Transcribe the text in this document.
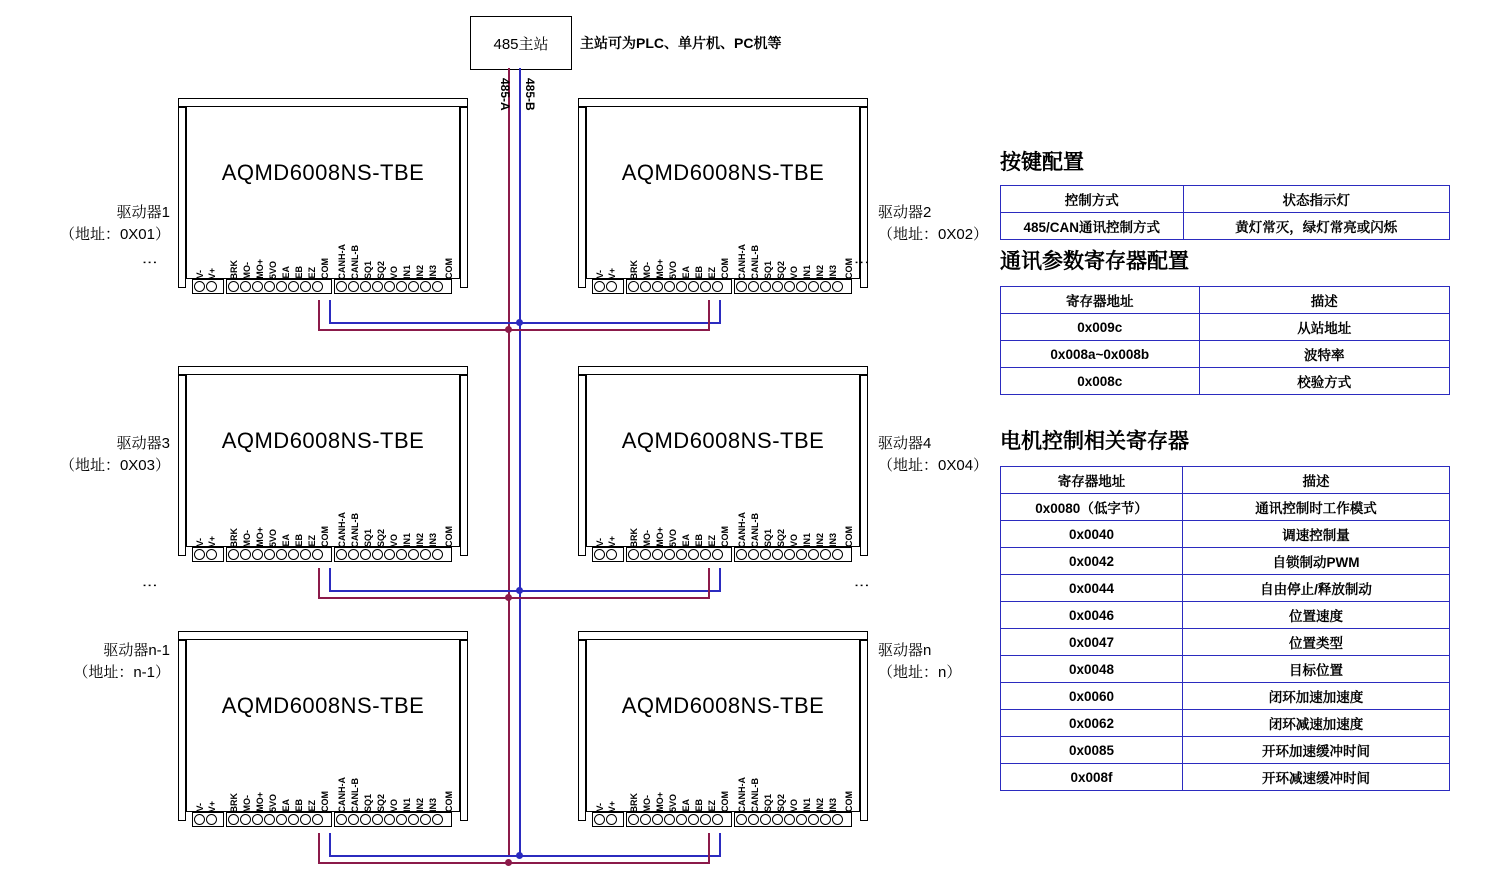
485主站 主站可为PLC、单片机、PC机等
485-A 485-B
AQMD6008NS-TBE
V- V+ BRK MO- MO+ 5VO EA EB EZ COM CANH-A CANL-B SQ1 SQ2 VO IN1 IN2 IN3 COM
AQMD6008NS-TBE
V- V+ BRK MO- MO+ 5VO EA EB EZ COM CANH-A CANL-B SQ1 SQ2 VO IN1 IN2 IN3 COM
AQMD6008NS-TBE
V- V+ BRK MO- MO+ 5VO EA EB EZ COM CANH-A CANL-B SQ1 SQ2 VO IN1 IN2 IN3 COM
AQMD6008NS-TBE
V- V+ BRK MO- MO+ 5VO EA EB EZ COM CANH-A CANL-B SQ1 SQ2 VO IN1 IN2 IN3 COM
AQMD6008NS-TBE
V- V+ BRK MO- MO+ 5VO EA EB EZ COM CANH-A CANL-B SQ1 SQ2 VO IN1 IN2 IN3 COM
AQMD6008NS-TBE
V- V+ BRK MO- MO+ 5VO EA EB EZ COM CANH-A CANL-B SQ1 SQ2 VO IN1 IN2 IN3 COM
驱动器1
（地址：0X01）
驱动器2
（地址：0X02）
驱动器3
（地址：0X03）
驱动器4
（地址：0X04）
驱动器n-1
（地址：n-1）
驱动器n
（地址：n）
⋮	⋮
⋮	⋮
按键配置
控制方式	状态指示灯
485/CAN通讯控制方式	黄灯常灭，绿灯常亮或闪烁
通讯参数寄存器配置
寄存器地址	描述
0x009c	从站地址
0x008a~0x008b	波特率
0x008c	校验方式
电机控制相关寄存器
寄存器地址	描述
0x0080（低字节）	通讯控制时工作模式
0x0040	调速控制量
0x0042	自锁制动PWM
0x0044	自由停止/释放制动
0x0046	位置速度
0x0047	位置类型
0x0048	目标位置
0x0060	闭环加速加速度
0x0062	闭环减速加速度
0x0085	开环加速缓冲时间
0x008f	开环减速缓冲时间
